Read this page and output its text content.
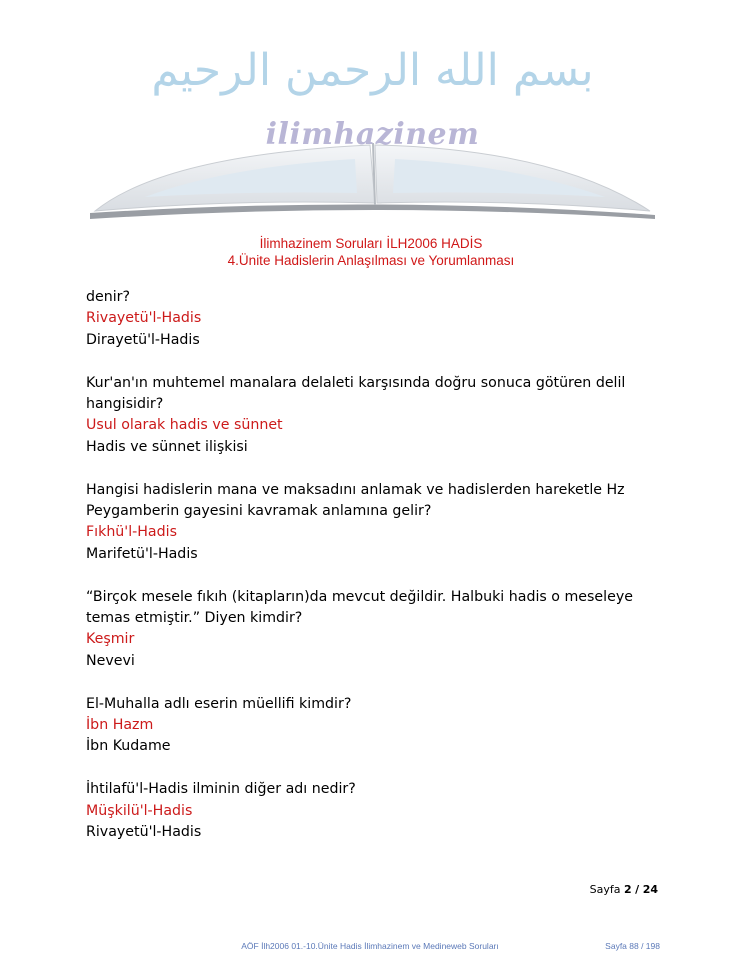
بسم الله الرحمن الرحيم
ilimhazinem
İlimhazinem Soruları İLH2006 HADİS
4.Ünite Hadislerin Anlaşılması ve Yorumlanması
denir?
Rivayetü'l-Hadis
Dirayetü'l-Hadis
Kur'an'ın muhtemel manalara delaleti karşısında doğru sonuca götüren delil
hangisidir?
Usul olarak hadis ve sünnet
Hadis ve sünnet ilişkisi
Hangisi hadislerin mana ve maksadını anlamak ve hadislerden hareketle Hz
Peygamberin gayesini kavramak anlamına gelir?
Fıkhü'l-Hadis
Marifetü'l-Hadis
“Birçok mesele fıkıh (kitapların)da mevcut değildir. Halbuki hadis o meseleye
temas etmiştir.” Diyen kimdir?
Keşmir
Nevevi
El-Muhalla adlı eserin müellifi kimdir?
İbn Hazm
İbn Kudame
İhtilafü'l-Hadis ilminin diğer adı nedir?
Müşkilü'l-Hadis
Rivayetü'l-Hadis
Sayfa 2 / 24
AÖF İlh2006 01.-10.Ünite Hadis İlimhazinem ve Medineweb Soruları	Sayfa 88 / 198
